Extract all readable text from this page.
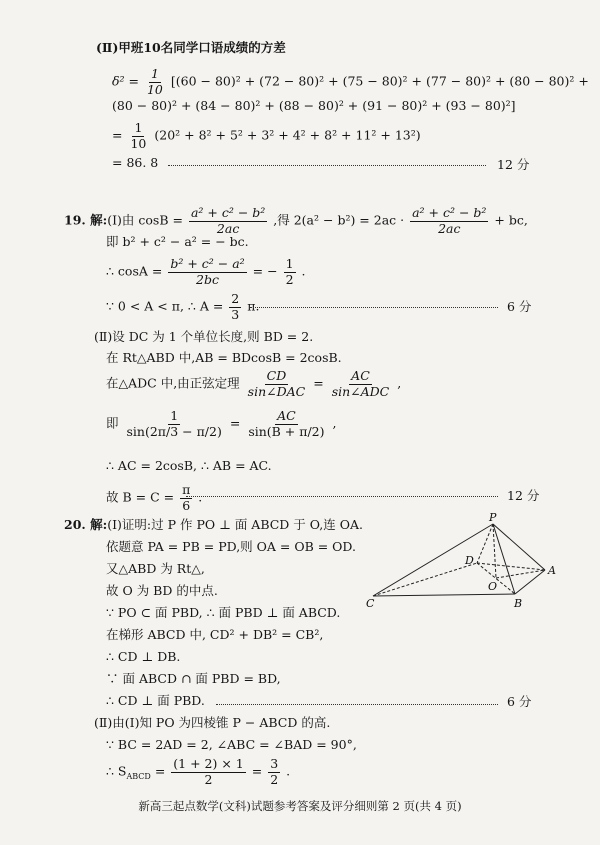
(Ⅱ)甲班10名同学口语成绩的方差
$\delta^2 = \frac{1}{10} [(60 - 80)^2 + (72 - 80)^2 + (75 - 80)^2 + (77 - 80)^2 + (80 - 80)^2$ +
(80 − 80)² + (84 − 80)² + (88 − 80)² + (91 − 80)² + (93 − 80)²]
= $\frac{1}{10} (20^2 + 8^2 + 5^2 + 3^2 + 4^2 + 8^2 + 11^2 + 13^2)$
= 86. 8	12 分
19. 解:(Ⅰ)由 $\cos B = \frac{\text{a² + c² − b²}}{2ac}$ ,得 $2(a^2 - b^2) = 2ac \cdot \frac{\text{a² + c² − b²}}{2ac}$ + bc,
即 b² + c² − a² = − bc.
∴ $\cos A = \frac{\text{b² + c² − a²}}{2bc}$ = − $\frac{1}{2}$ .
∵ 0 < A < π, ∴ $A = \frac{2}{3} \pi$.	6 分
(Ⅱ)设 DC 为 1 个单位长度,则 BD = 2.
在 Rt△ABD 中,AB = BDcosB = 2cosB.
在△ADC 中,由正弦定理 $\frac{CD}{\text{sin∠DAC}} = \frac{AC}{\text{sin∠ADC}}$ ,
即 $\frac{1}{\sin(2\pi/3 - \pi/2)} = \frac{AC}{\sin(B + \pi/2)}$ ,
∴ AC = 2cosB, ∴ AB = AC.
故 $B = C = \frac{\pi}{6}$ .	12 分
20. 解:(Ⅰ)证明:过 P 作 PO ⊥ 面 ABCD 于 O,连 OA.
依题意 PA = PB = PD,则 OA = OB = OD.
又△ABD 为 Rt△,
故 O 为 BD 的中点.
∵ PO ⊂ 面 PBD, ∴ 面 PBD ⊥ 面 ABCD.
在梯形 ABCD 中, CD² + DB² = CB²,
∴ CD ⊥ DB.
∵ 面 ABCD ∩ 面 PBD = BD,
∴ CD ⊥ 面 PBD.	6 分
(Ⅱ)由(Ⅰ)知 PO 为四棱锥 P − ABCD 的高.
∵ BC = 2AD = 2, ∠ABC = ∠BAD = 90°,
∴ $S_{ABCD} = \frac{(1 + 2) \times 1}{2} = \frac{3}{2}$ .
P
A
B
C
D
O
新高三起点数学(文科)试题参考答案及评分细则第 2 页(共 4 页)
